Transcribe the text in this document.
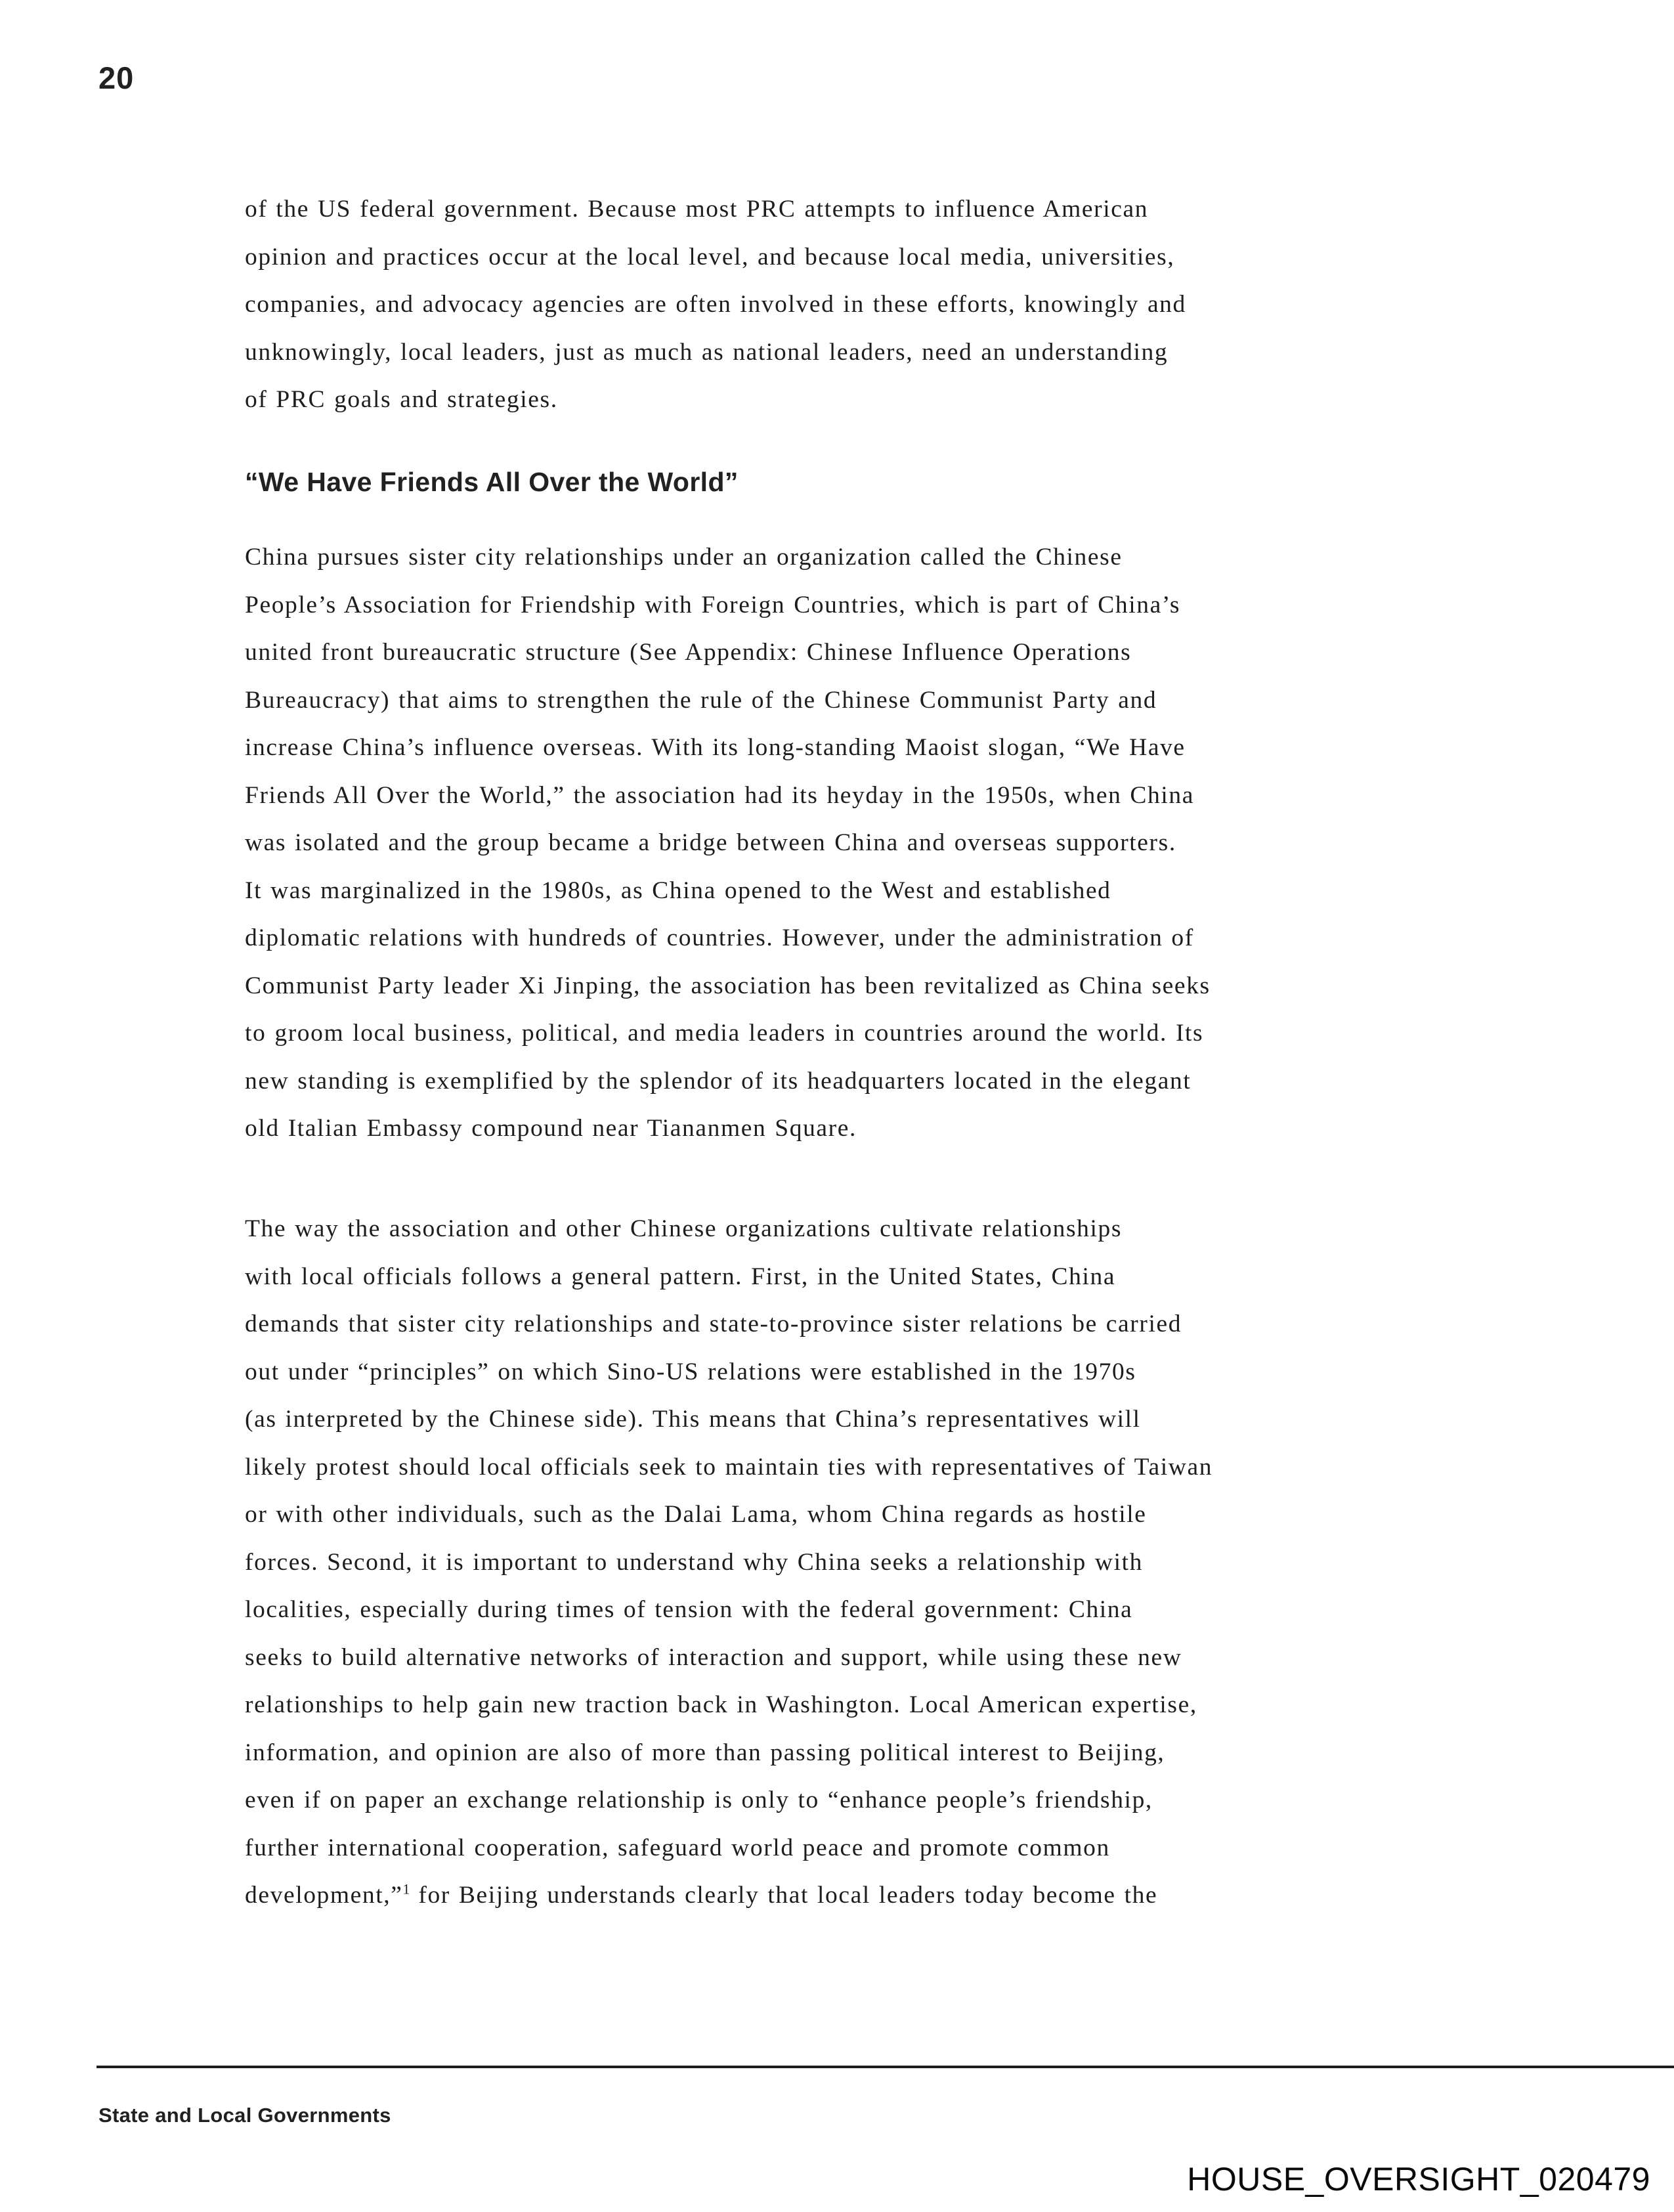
20

of the US federal government. Because most PRC attempts to influence American
opinion and practices occur at the local level, and because local media, universities,
companies, and advocacy agencies are often involved in these efforts, knowingly and
unknowingly, local leaders, just as much as national leaders, need an understanding
of PRC goals and strategies.

“We Have Friends All Over the World”

China pursues sister city relationships under an organization called the Chinese
People’s Association for Friendship with Foreign Countries, which is part of China’s
united front bureaucratic structure (See Appendix: Chinese Influence Operations
Bureaucracy) that aims to strengthen the rule of the Chinese Communist Party and
increase China’s influence overseas. With its long-standing Maoist slogan, “We Have
Friends All Over the World,” the association had its heyday in the 1950s, when China
was isolated and the group became a bridge between China and overseas supporters.
It was marginalized in the 1980s, as China opened to the West and established
diplomatic relations with hundreds of countries. However, under the administration of
Communist Party leader Xi Jinping, the association has been revitalized as China seeks
to groom local business, political, and media leaders in countries around the world. Its
new standing is exemplified by the splendor of its headquarters located in the elegant
old Italian Embassy compound near Tiananmen Square.

The way the association and other Chinese organizations cultivate relationships
with local officials follows a general pattern. First, in the United States, China
demands that sister city relationships and state-to-province sister relations be carried
out under “principles” on which Sino-US relations were established in the 1970s
(as interpreted by the Chinese side). This means that China’s representatives will
likely protest should local officials seek to maintain ties with representatives of Taiwan
or with other individuals, such as the Dalai Lama, whom China regards as hostile
forces. Second, it is important to understand why China seeks a relationship with
localities, especially during times of tension with the federal government: China
seeks to build alternative networks of interaction and support, while using these new
relationships to help gain new traction back in Washington. Local American expertise,
information, and opinion are also of more than passing political interest to Beijing,
even if on paper an exchange relationship is only to “enhance people’s friendship,
further international cooperation, safeguard world peace and promote common
development,”$^1$ for Beijing understands clearly that local leaders today become the

State and Local Governments
HOUSE_OVERSIGHT_020479
